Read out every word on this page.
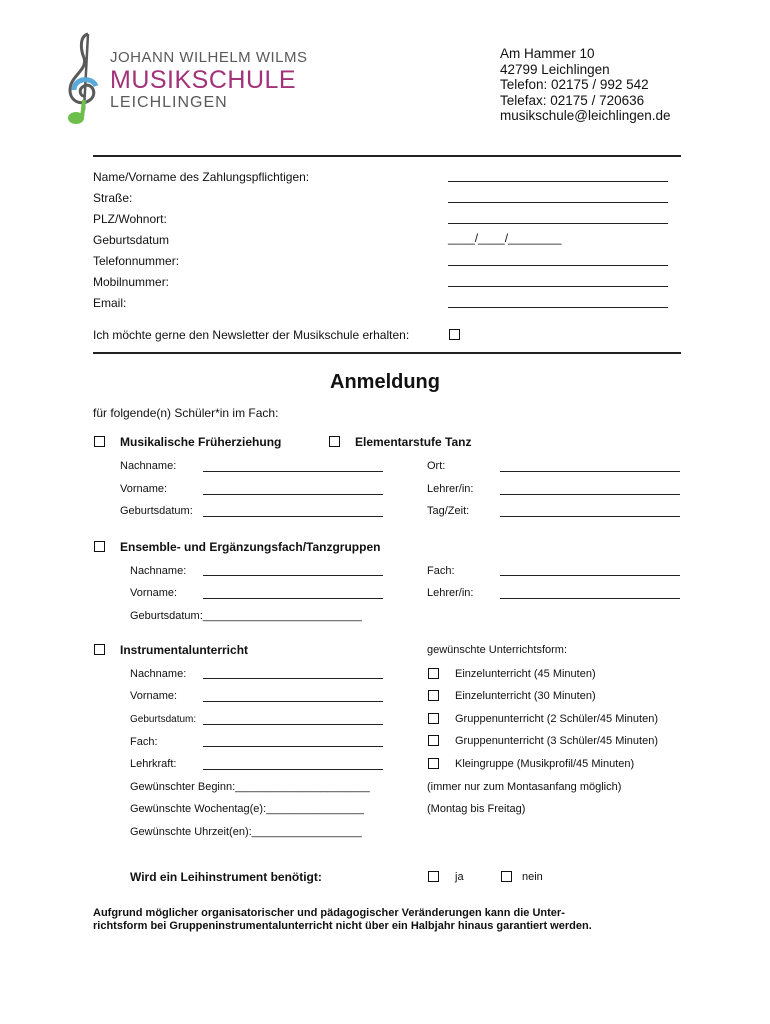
JOHANN WILHELM WILMS
MUSIKSCHULE
LEICHLINGEN
Am Hammer 10
42799 Leichlingen
Telefon: 02175 / 992 542
Telefax: 02175 / 720636
musikschule@leichlingen.de
Name/Vorname des Zahlungspflichtigen:
Straße:
PLZ/Wohnort:
Geburtsdatum	____/____/________
Telefonnummer:
Mobilnummer:
Email:
Ich möchte gerne den Newsletter der Musikschule erhalten:
Anmeldung
für folgende(n) Schüler*in im Fach:
Musikalische Früherziehung	Elementarstufe Tanz
Nachname:	Ort:
Vorname:	Lehrer/in:
Geburtsdatum:	Tag/Zeit:
Ensemble- und Ergänzungsfach/Tanzgruppen
Nachname:	Fach:
Vorname:	Lehrer/in:
Geburtsdatum:__________________________
Instrumentalunterricht	gewünschte Unterrichtsform:
Nachname:	Einzelunterricht (45 Minuten)
Vorname:	Einzelunterricht (30 Minuten)
Geburtsdatum:	Gruppenunterricht (2 Schüler/45 Minuten)
Fach:	Gruppenunterricht (3 Schüler/45 Minuten)
Lehrkraft:	Kleingruppe (Musikprofil/45 Minuten)
Gewünschter Beginn:______________________	(immer nur zum Montasanfang möglich)
Gewünschte Wochentag(e):________________	(Montag bis Freitag)
Gewünschte Uhrzeit(en):__________________
Wird ein Leihinstrument benötigt:	ja	nein
Aufgrund möglicher organisatorischer und pädagogischer Veränderungen kann die Unter-
richtsform bei Gruppeninstrumentalunterricht nicht über ein Halbjahr hinaus garantiert werden.
